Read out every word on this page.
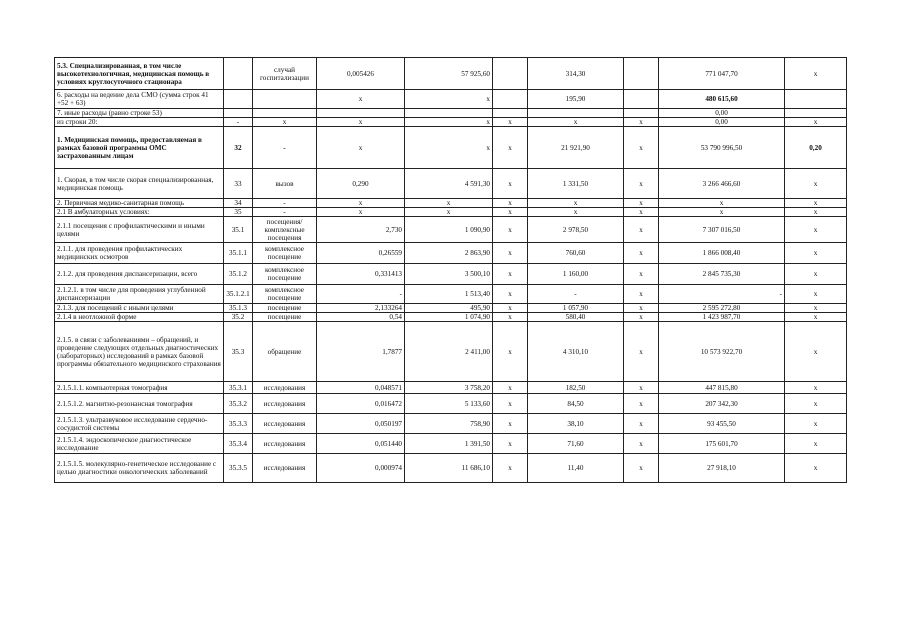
5.3. Специализированная, в том числе высокотехнологичная, медицинская помощь в условиях круглосуточного стационара		случай госпитализации	0,005426	57 925,60		314,30		771 047,70	х
6. расходы на ведение дела СМО (сумма строк 41 +52 + 63)			х	х		195,90		480 615,60	
7. иные расходы (равно строке 53)								0,00	
из строки 20:	-	х	х	х	х	х	х	0,00	х
1. Медицинская помощь, предоставляемая в рамках базовой программы ОМС застрахованным лицам	32	-	х	х	х	21 921,90	х	53 790 996,50	0,20
1. Скорая, в том числе скорая специализированная, медицинская помощь	33	вызов	0,290	4 591,30	х	1 331,50	х	3 266 466,60	х
2. Первичная медико-санитарная помощь	34	-	х	х	х	х	х	х	х
2.1 В амбулаторных условиях:	35	-	х	х	х	х	х	х	х
2.1.1 посещения с профилактическими и иными целями	35.1	посещения/комплексные посещения	2,730	1 090,90	х	2 978,50	х	7 307 016,50	х
2.1.1. для проведения профилактических медицинских осмотров	35.1.1	комплексное посещение	0,26559	2 863,90	х	760,60	х	1 866 008,40	х
2.1.2. для проведения диспансеризации, всего	35.1.2	комплексное посещение	0,331413	3 500,10	х	1 160,00	х	2 845 735,30	х
2.1.2.1. в том числе для проведения углубленной диспансеризации	35.1.2.1	комплексное посещение	-	1 513,40	х	-	х	-	х
2.1.3. для посещений с иными целями	35.1.3	посещение	2,133264	495,90	х	1 057,90	х	2 595 272,80	х
2.1.4 в неотложной форме	35.2	посещение	0,54	1 074,90	х	580,40	х	1 423 987,70	х
2.1.5. в связи с заболеваниями – обращений, и проведение следующих отдельных диагностических (лабораторных) исследований в рамках базовой программы обязательного медицинского страхования	35.3	обращение	1,7877	2 411,00	х	4 310,10	х	10 573 922,70	х
2.1.5.1.1. компьютерная томография	35.3.1	исследования	0,048571	3 758,20	х	182,50	х	447 815,80	х
2.1.5.1.2. магнитно-резонансная томография	35.3.2	исследования	0,016472	5 133,60	х	84,50	х	207 342,30	х
2.1.5.1.3. ультразвуковое исследование сердечно-сосудистой системы	35.3.3	исследования	0,050197	758,90	х	38,10	х	93 455,50	х
2.1.5.1.4. эндоскопическое диагностическое исследование	35.3.4	исследования	0,051440	1 391,50	х	71,60	х	175 601,70	х
2.1.5.1.5. молекулярно-генетическое исследование с целью диагностики онкологических заболеваний	35.3.5	исследования	0,000974	11 686,10	х	11,40	х	27 918,10	х
